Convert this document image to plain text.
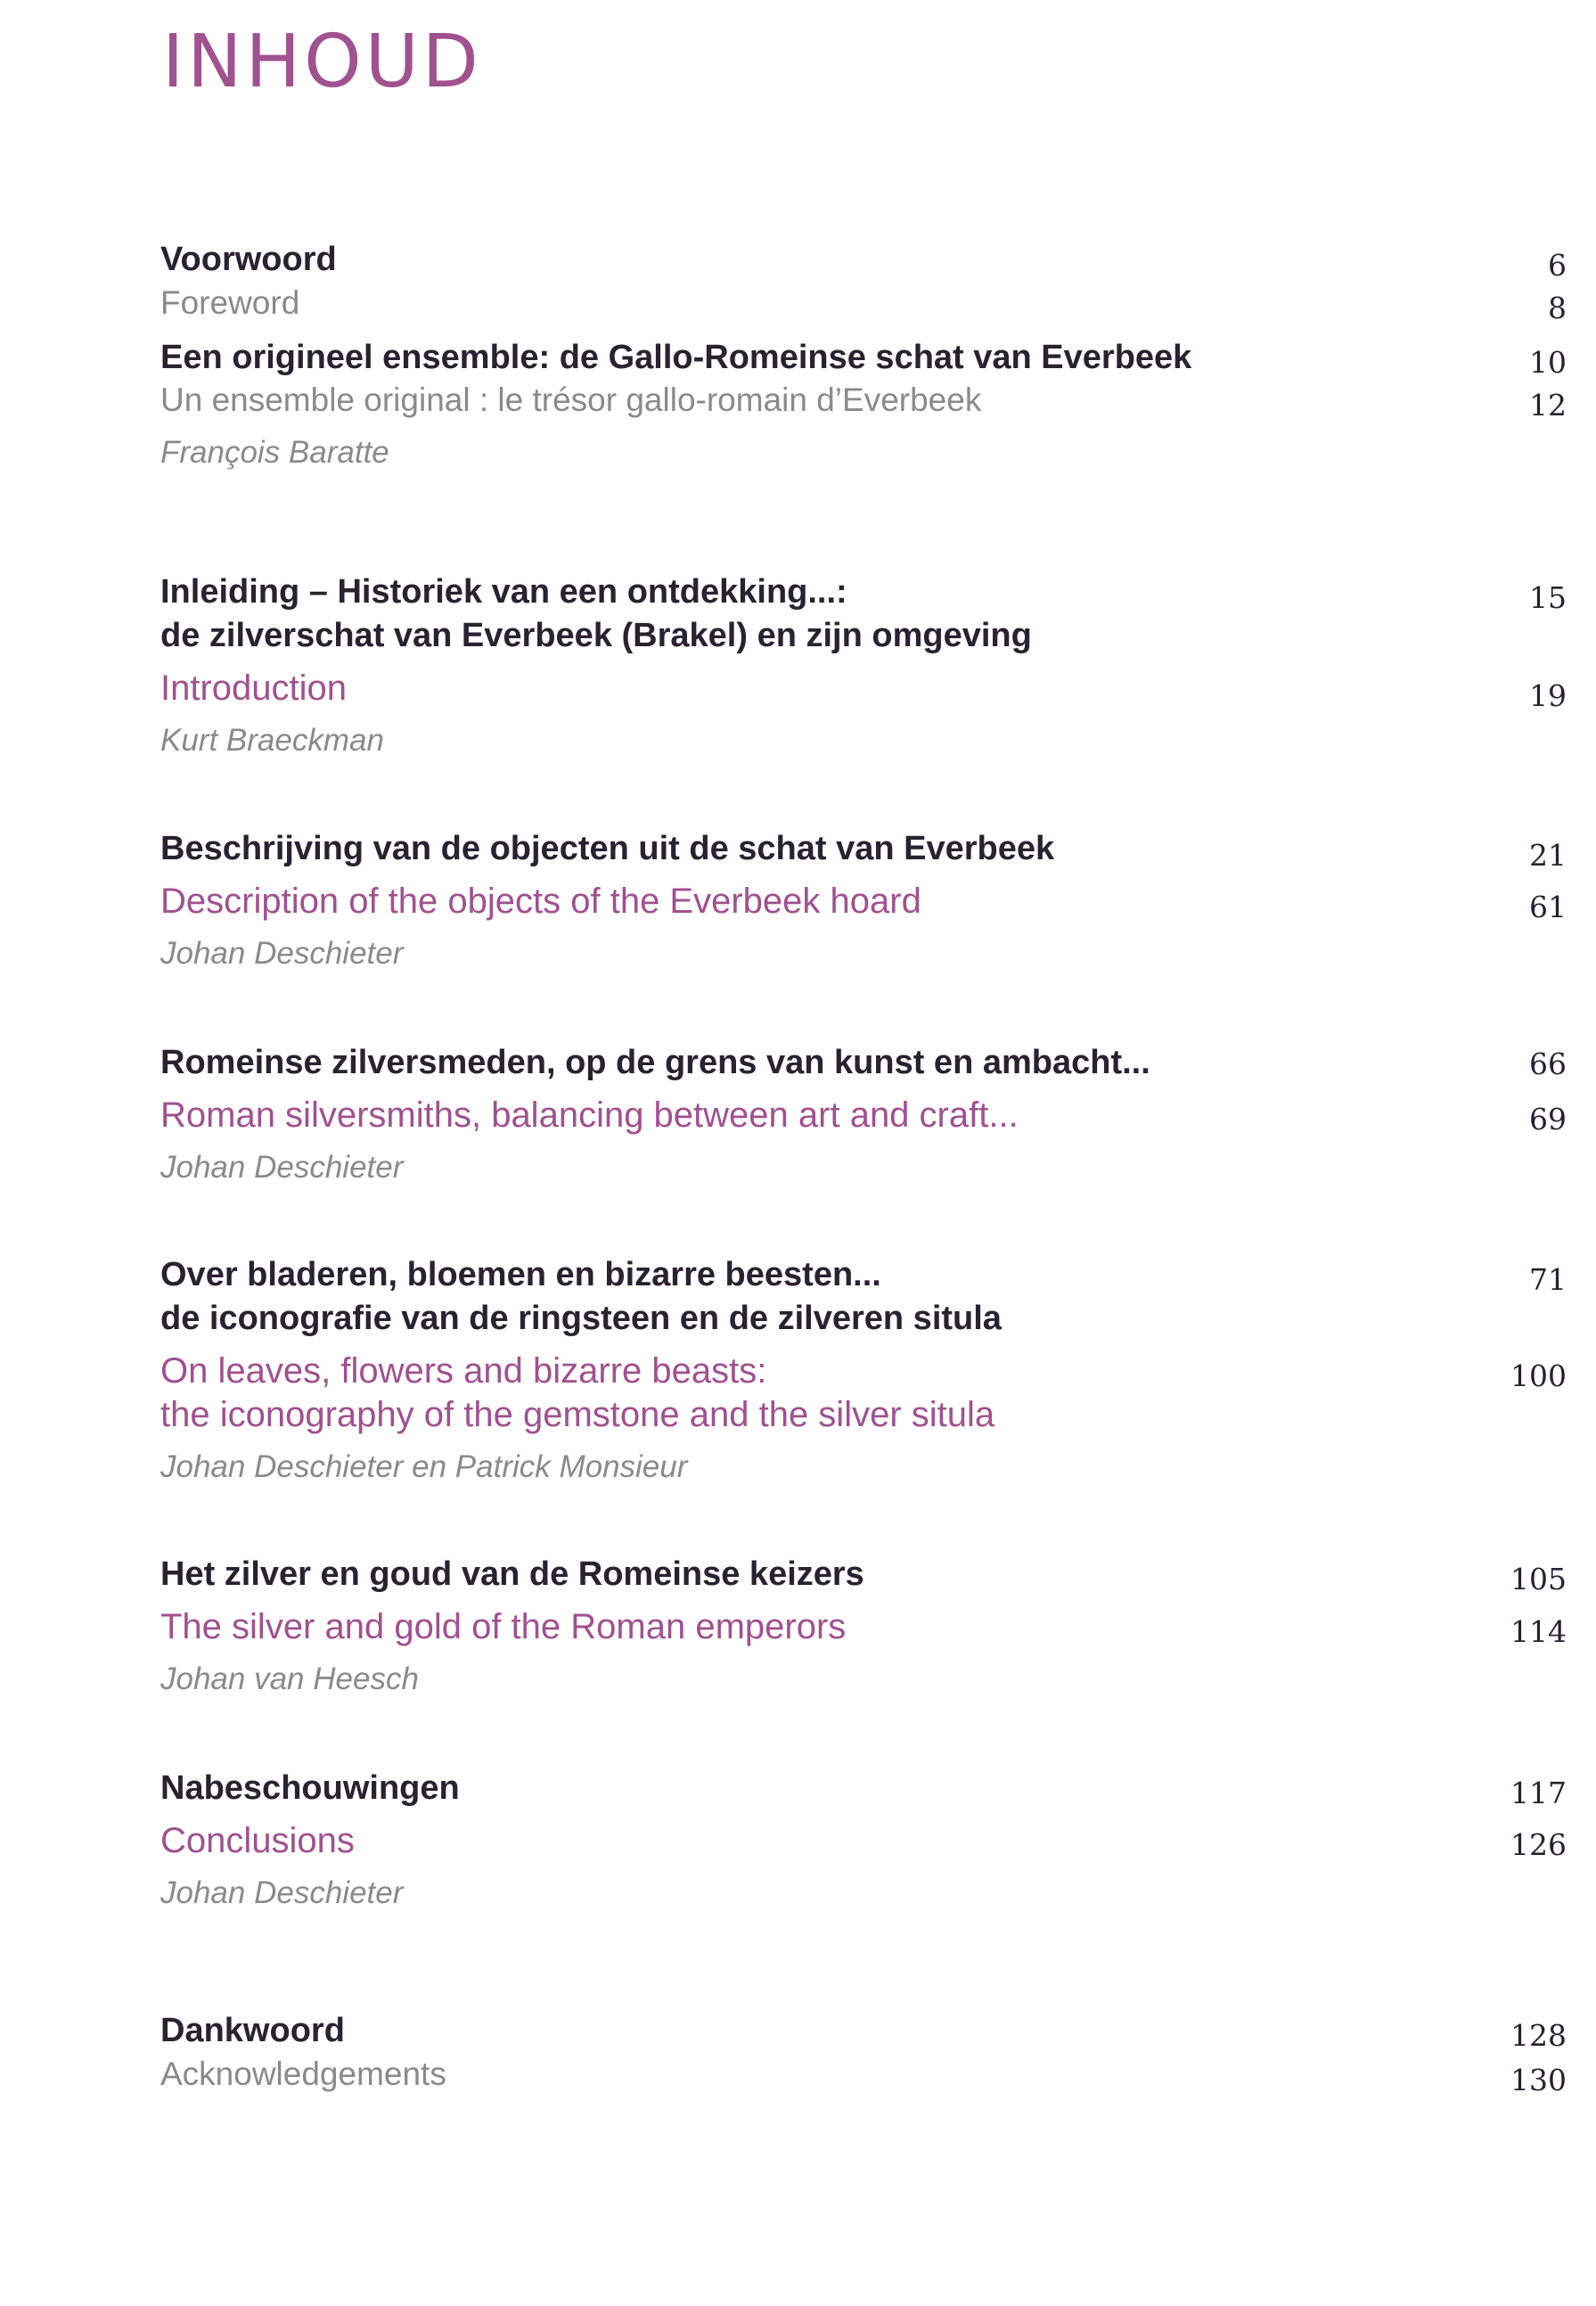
INHOUD
Voorwoord	6
Foreword	8
Een origineel ensemble: de Gallo-Romeinse schat van Everbeek	10
Un ensemble original : le trésor gallo-romain d’Everbeek	12
François Baratte
Inleiding – Historiek van een ontdekking...:	15
de zilverschat van Everbeek (Brakel) en zijn omgeving
Introduction	19
Kurt Braeckman
Beschrijving van de objecten uit de schat van Everbeek	21
Description of the objects of the Everbeek hoard	61
Johan Deschieter
Romeinse zilversmeden, op de grens van kunst en ambacht...	66
Roman silversmiths, balancing between art and craft...	69
Johan Deschieter
Over bladeren, bloemen en bizarre beesten...	71
de iconografie van de ringsteen en de zilveren situla
On leaves, flowers and bizarre beasts:	100
the iconography of the gemstone and the silver situla
Johan Deschieter en Patrick Monsieur
Het zilver en goud van de Romeinse keizers	105
The silver and gold of the Roman emperors	114
Johan van Heesch
Nabeschouwingen	117
Conclusions	126
Johan Deschieter
Dankwoord	128
Acknowledgements	130
